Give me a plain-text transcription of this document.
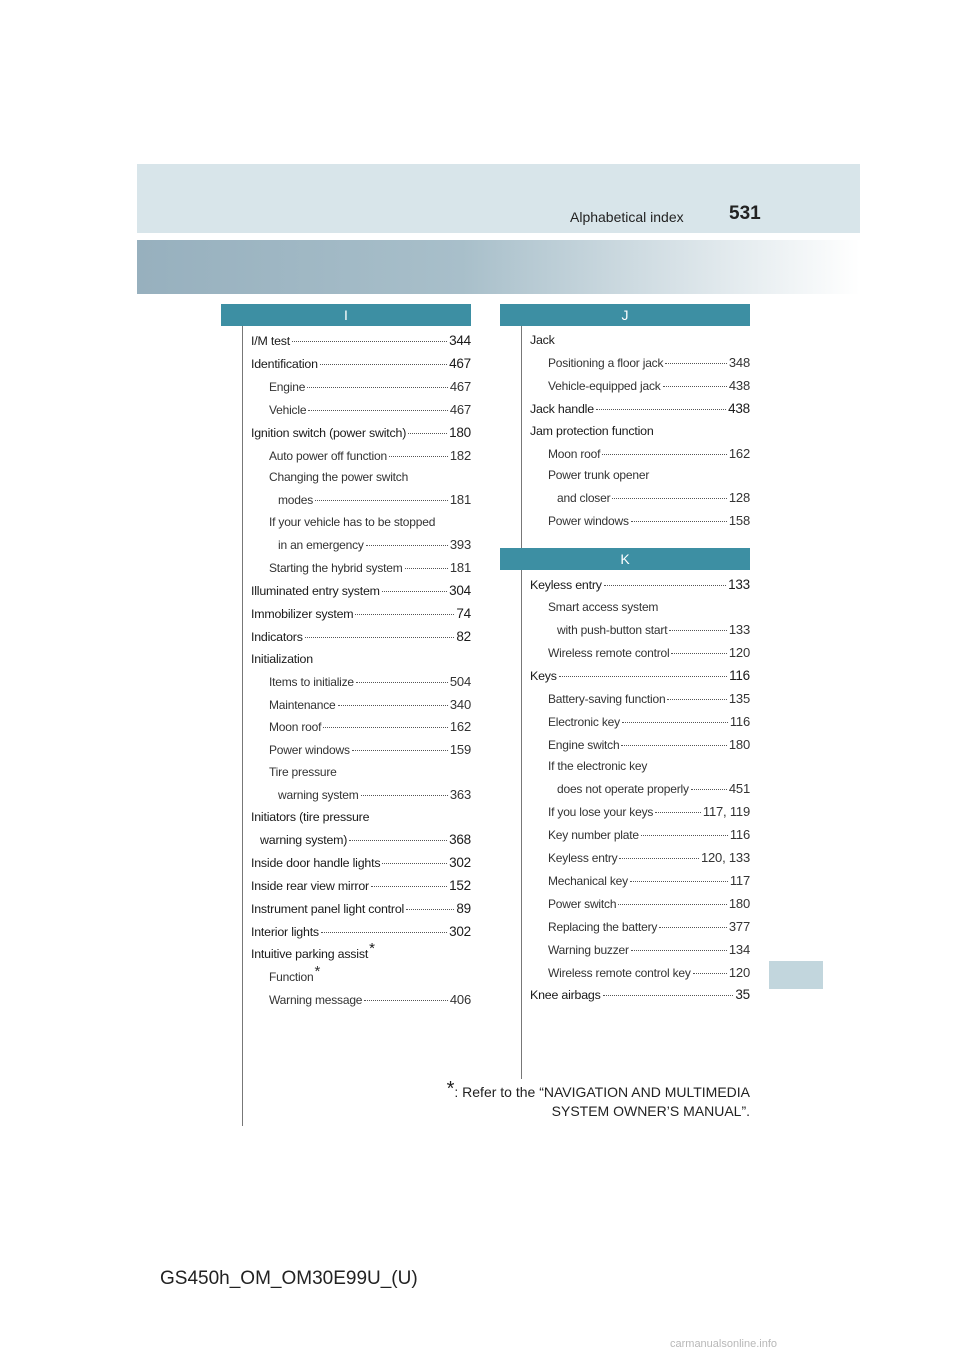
Alphabetical index 531
I
I/M test	344
Identification	467
Engine	467
Vehicle	467
Ignition switch (power switch)	180
Auto power off function	182
Changing the power switch
modes	181
If your vehicle has to be stopped
in an emergency	393
Starting the hybrid system	181
Illuminated entry system	304
Immobilizer system	74
Indicators	82
Initialization
Items to initialize	504
Maintenance	340
Moon roof	162
Power windows	159
Tire pressure
warning system	363
Initiators (tire pressure
warning system)	368
Inside door handle lights	302
Inside rear view mirror	152
Instrument panel light control	89
Interior lights	302
Intuitive parking assist *
Function *
Warning message	406
J
Jack
Positioning a floor jack	348
Vehicle-equipped jack	438
Jack handle	438
Jam protection function
Moon roof	162
Power trunk opener
and closer	128
Power windows	158
K
Keyless entry	133
Smart access system
with push-button start	133
Wireless remote control	120
Keys	116
Battery-saving function	135
Electronic key	116
Engine switch	180
If the electronic key
does not operate properly	451
If you lose your keys	117, 119
Key number plate	116
Keyless entry	120, 133
Mechanical key	117
Power switch	180
Replacing the battery	377
Warning buzzer	134
Wireless remote control key	120
Knee airbags	35
*: Refer to the “NAVIGATION AND MULTIMEDIA
SYSTEM OWNER’S MANUAL”.
GS450h_OM_OM30E99U_(U)
carmanualsonline.info
